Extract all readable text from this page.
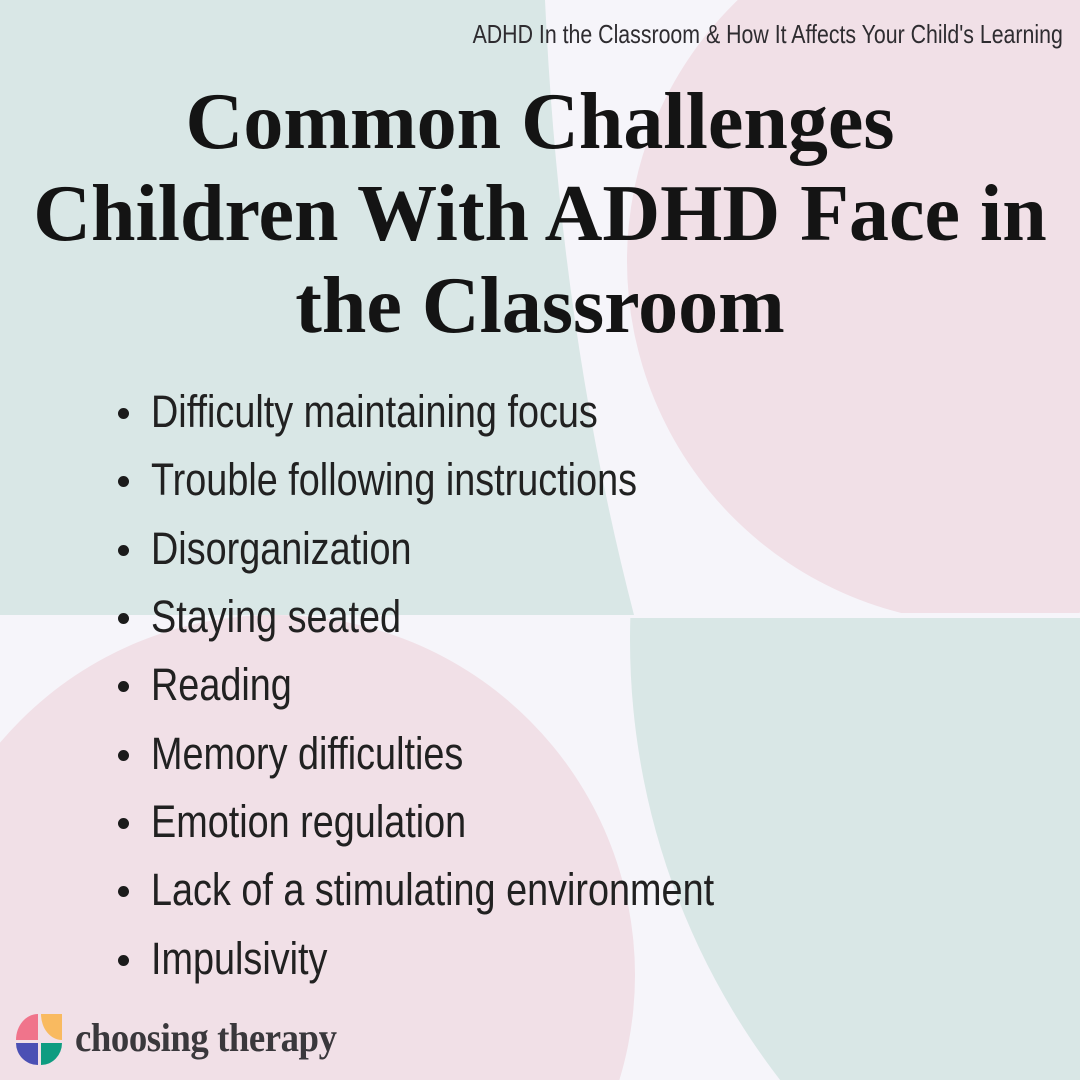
ADHD In the Classroom & How It Affects Your Child's Learning
Common Challenges
Children With ADHD Face in
the Classroom
Difficulty maintaining focus
Trouble following instructions
Disorganization
Staying seated
Reading
Memory difficulties
Emotion regulation
Lack of a stimulating environment
Impulsivity
choosing therapy
